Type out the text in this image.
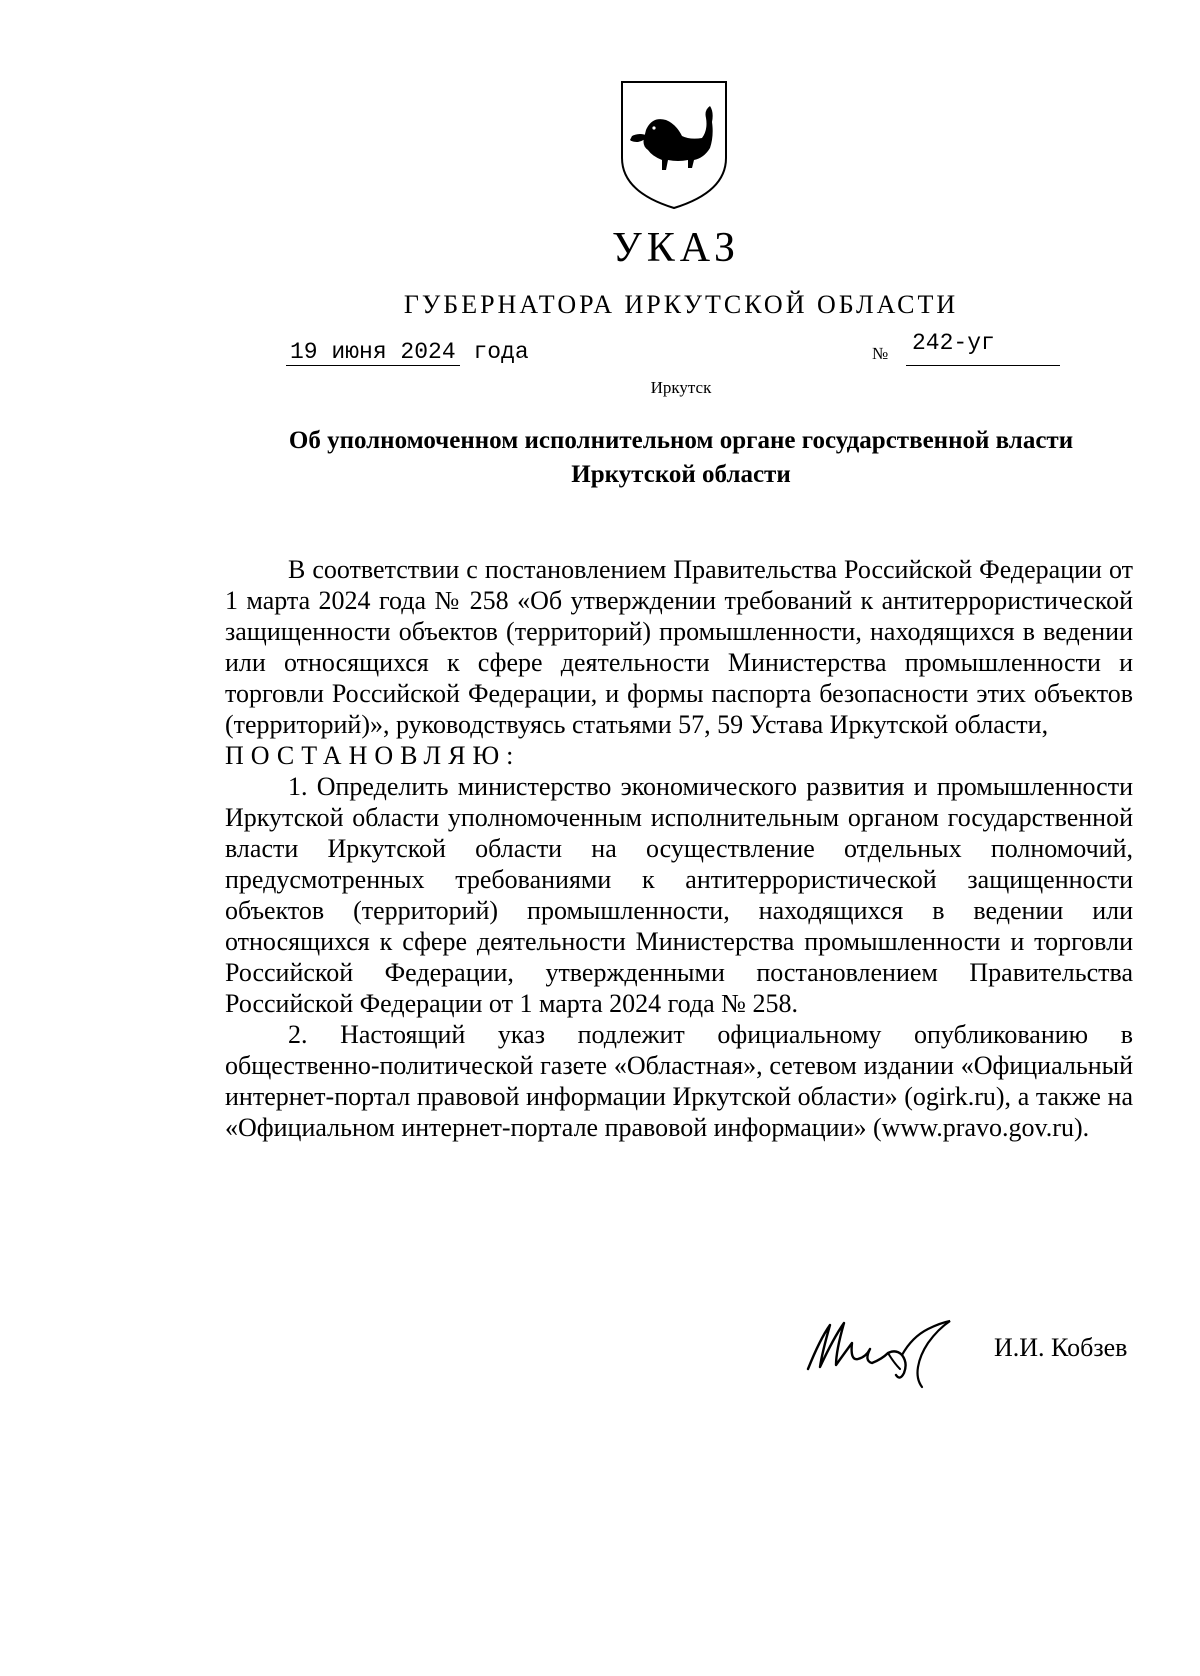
УКАЗ
ГУБЕРНАТОРА ИРКУТСКОЙ ОБЛАСТИ
19 июня 2024 года	№ 242-уг
Иркутск
Об уполномоченном исполнительном органе государственной власти
Иркутской области

В соответствии с постановлением Правительства Российской Федерации от 1 марта 2024 года № 258 «Об утверждении требований к антитеррористической защищенности объектов (территорий) промышленности, находящихся в ведении или относящихся к сфере деятельности Министерства промышленности и торговли Российской Федерации, и формы паспорта безопасности этих объектов (территорий)», руководствуясь статьями 57, 59 Устава Иркутской области,

ПОСТАНОВЛЯЮ:

1. Определить министерство экономического развития и промышленности Иркутской области уполномоченным исполнительным органом государственной власти Иркутской области на осуществление отдельных полномочий, предусмотренных требованиями к антитеррористической защищенности объектов (территорий) промышленности, находящихся в ведении или относящихся к сфере деятельности Министерства промышленности и торговли Российской Федерации, утвержденными постановлением Правительства Российской Федерации от 1 марта 2024 года № 258.

2. Настоящий указ подлежит официальному опубликованию в общественно-политической газете «Областная», сетевом издании «Официальный интернет-портал правовой информации Иркутской области» (ogirk.ru), а также на «Официальном интернет-портале правовой информации» (www.pravo.gov.ru).

И.И. Кобзев
